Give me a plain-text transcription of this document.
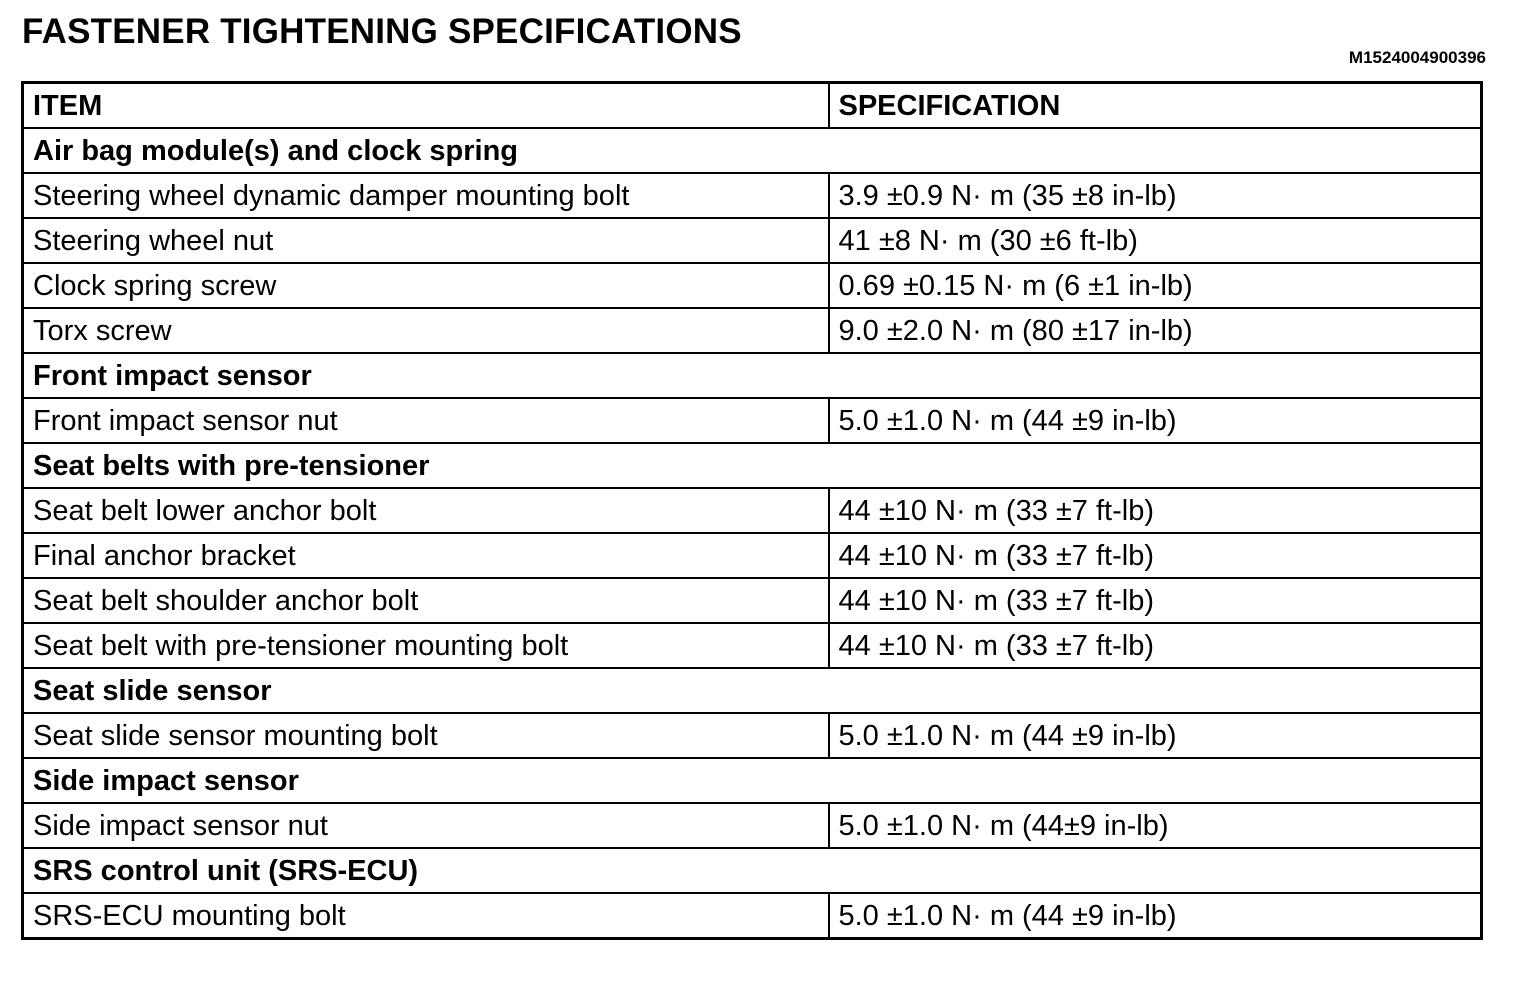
FASTENER TIGHTENING SPECIFICATIONS
M1524004900396
ITEM	SPECIFICATION
Air bag module(s) and clock spring	
Steering wheel dynamic damper mounting bolt	3.9 ±0.9 N· m (35 ±8 in-lb)
Steering wheel nut	41 ±8 N· m (30 ±6 ft-lb)
Clock spring screw	0.69 ±0.15 N· m (6 ±1 in-lb)
Torx screw	9.0 ±2.0 N· m (80 ±17 in-lb)
Front impact sensor	
Front impact sensor nut	5.0 ±1.0 N· m (44 ±9 in-lb)
Seat belts with pre-tensioner	
Seat belt lower anchor bolt	44 ±10 N· m (33 ±7 ft-lb)
Final anchor bracket	44 ±10 N· m (33 ±7 ft-lb)
Seat belt shoulder anchor bolt	44 ±10 N· m (33 ±7 ft-lb)
Seat belt with pre-tensioner mounting bolt	44 ±10 N· m (33 ±7 ft-lb)
Seat slide sensor	
Seat slide sensor mounting bolt	5.0 ±1.0 N· m (44 ±9 in-lb)
Side impact sensor	
Side impact sensor nut	5.0 ±1.0 N· m (44±9 in-lb)
SRS control unit (SRS-ECU)	
SRS-ECU mounting bolt	5.0 ±1.0 N· m (44 ±9 in-lb)
